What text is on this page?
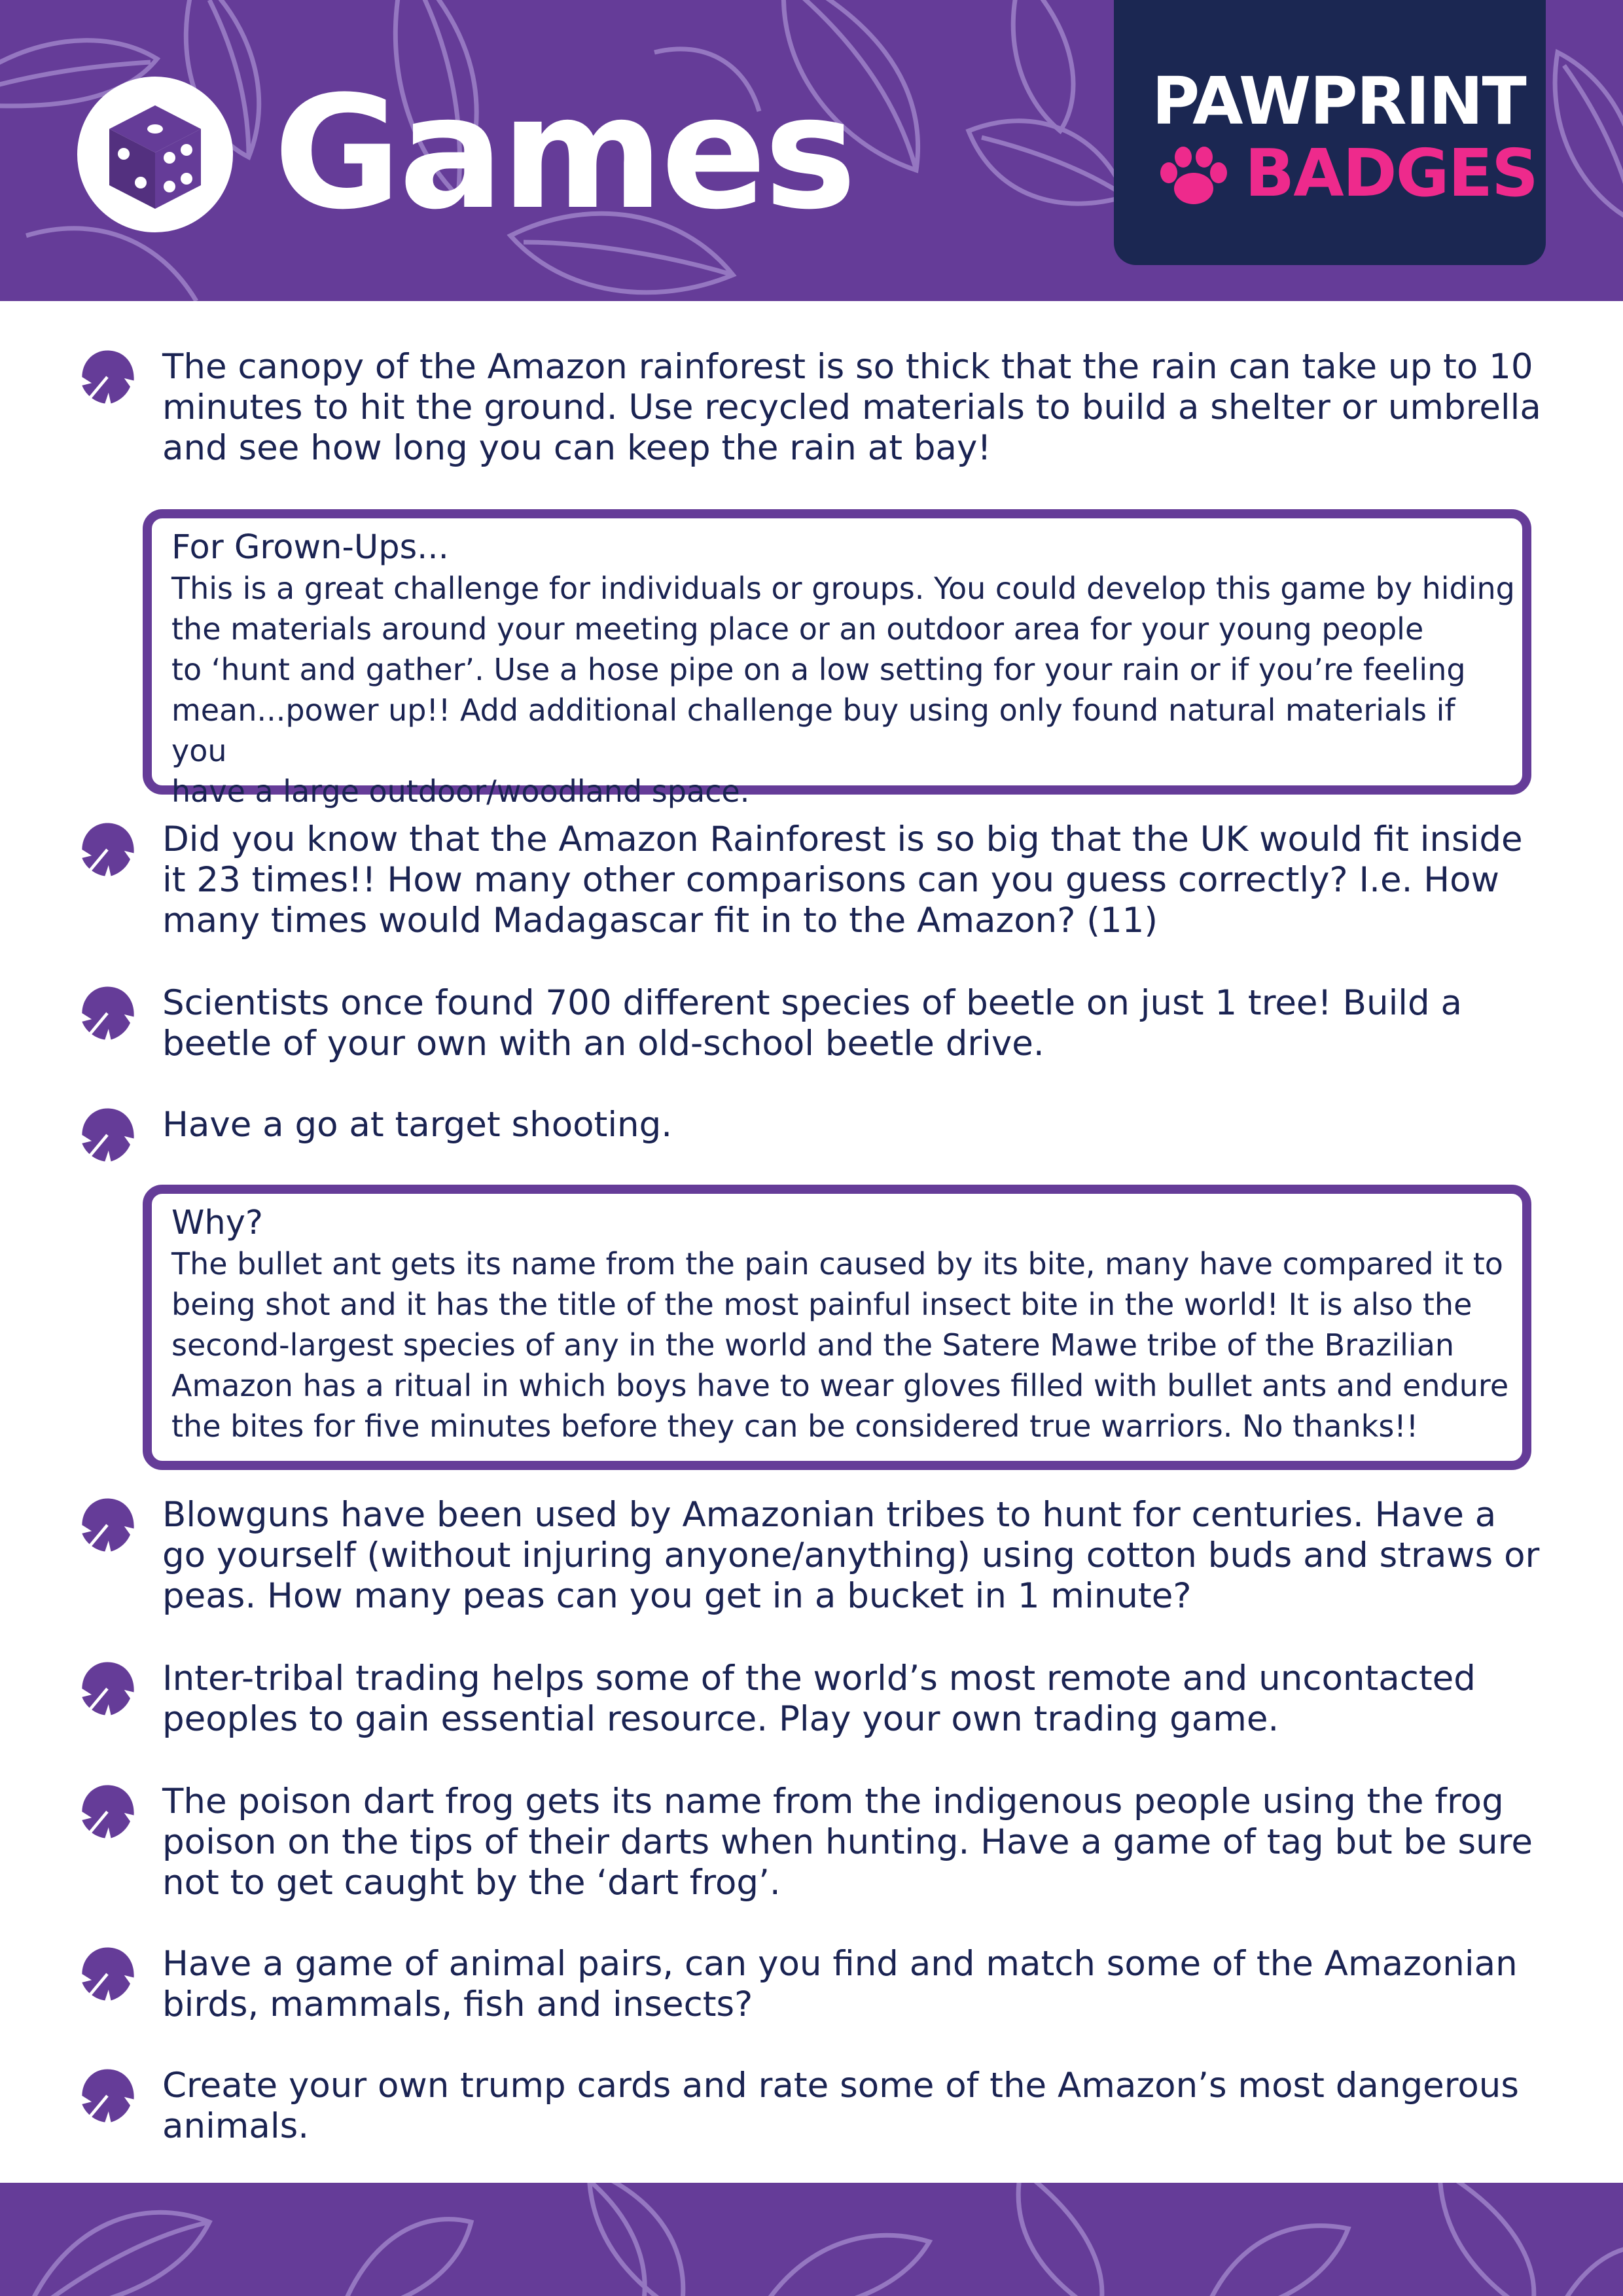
Games	PAWPRINT
BADGES
The canopy of the Amazon rainforest is so thick that the rain can take up to 10 minutes to hit the ground. Use recycled materials to build a shelter or umbrella and see how long you can keep the rain at bay!
For Grown-Ups...
This is a great challenge for individuals or groups. You could develop this game by hiding
the materials around your meeting place or an outdoor area for your young people
to ‘hunt and gather’. Use a hose pipe on a low setting for your rain or if you’re feeling
mean...power up!! Add additional challenge buy using only found natural materials if you
have a large outdoor/woodland space.
Did you know that the Amazon Rainforest is so big that the UK would fit inside it 23 times!! How many other comparisons can you guess correctly? I.e. How many times would Madagascar fit in to the Amazon? (11)
Scientists once found 700 different species of beetle on just 1 tree! Build a beetle of your own with an old-school beetle drive.
Have a go at target shooting.
Why?
The bullet ant gets its name from the pain caused by its bite, many have compared it to
being shot and it has the title of the most painful insect bite in the world! It is also the
second-largest species of any in the world and the Satere Mawe tribe of the Brazilian
Amazon has a ritual in which boys have to wear gloves filled with bullet ants and endure
the bites for five minutes before they can be considered true warriors. No thanks!!
Blowguns have been used by Amazonian tribes to hunt for centuries. Have a go yourself (without injuring anyone/anything) using cotton buds and straws or peas. How many peas can you get in a bucket in 1 minute?
Inter-tribal trading helps some of the world’s most remote and uncontacted peoples to gain essential resource. Play your own trading game.
The poison dart frog gets its name from the indigenous people using the frog poison on the tips of their darts when hunting. Have a game of tag but be sure not to get caught by the ‘dart frog’.
Have a game of animal pairs, can you find and match some of the Amazonian birds, mammals, fish and insects?
Create your own trump cards and rate some of the Amazon’s most dangerous animals.
